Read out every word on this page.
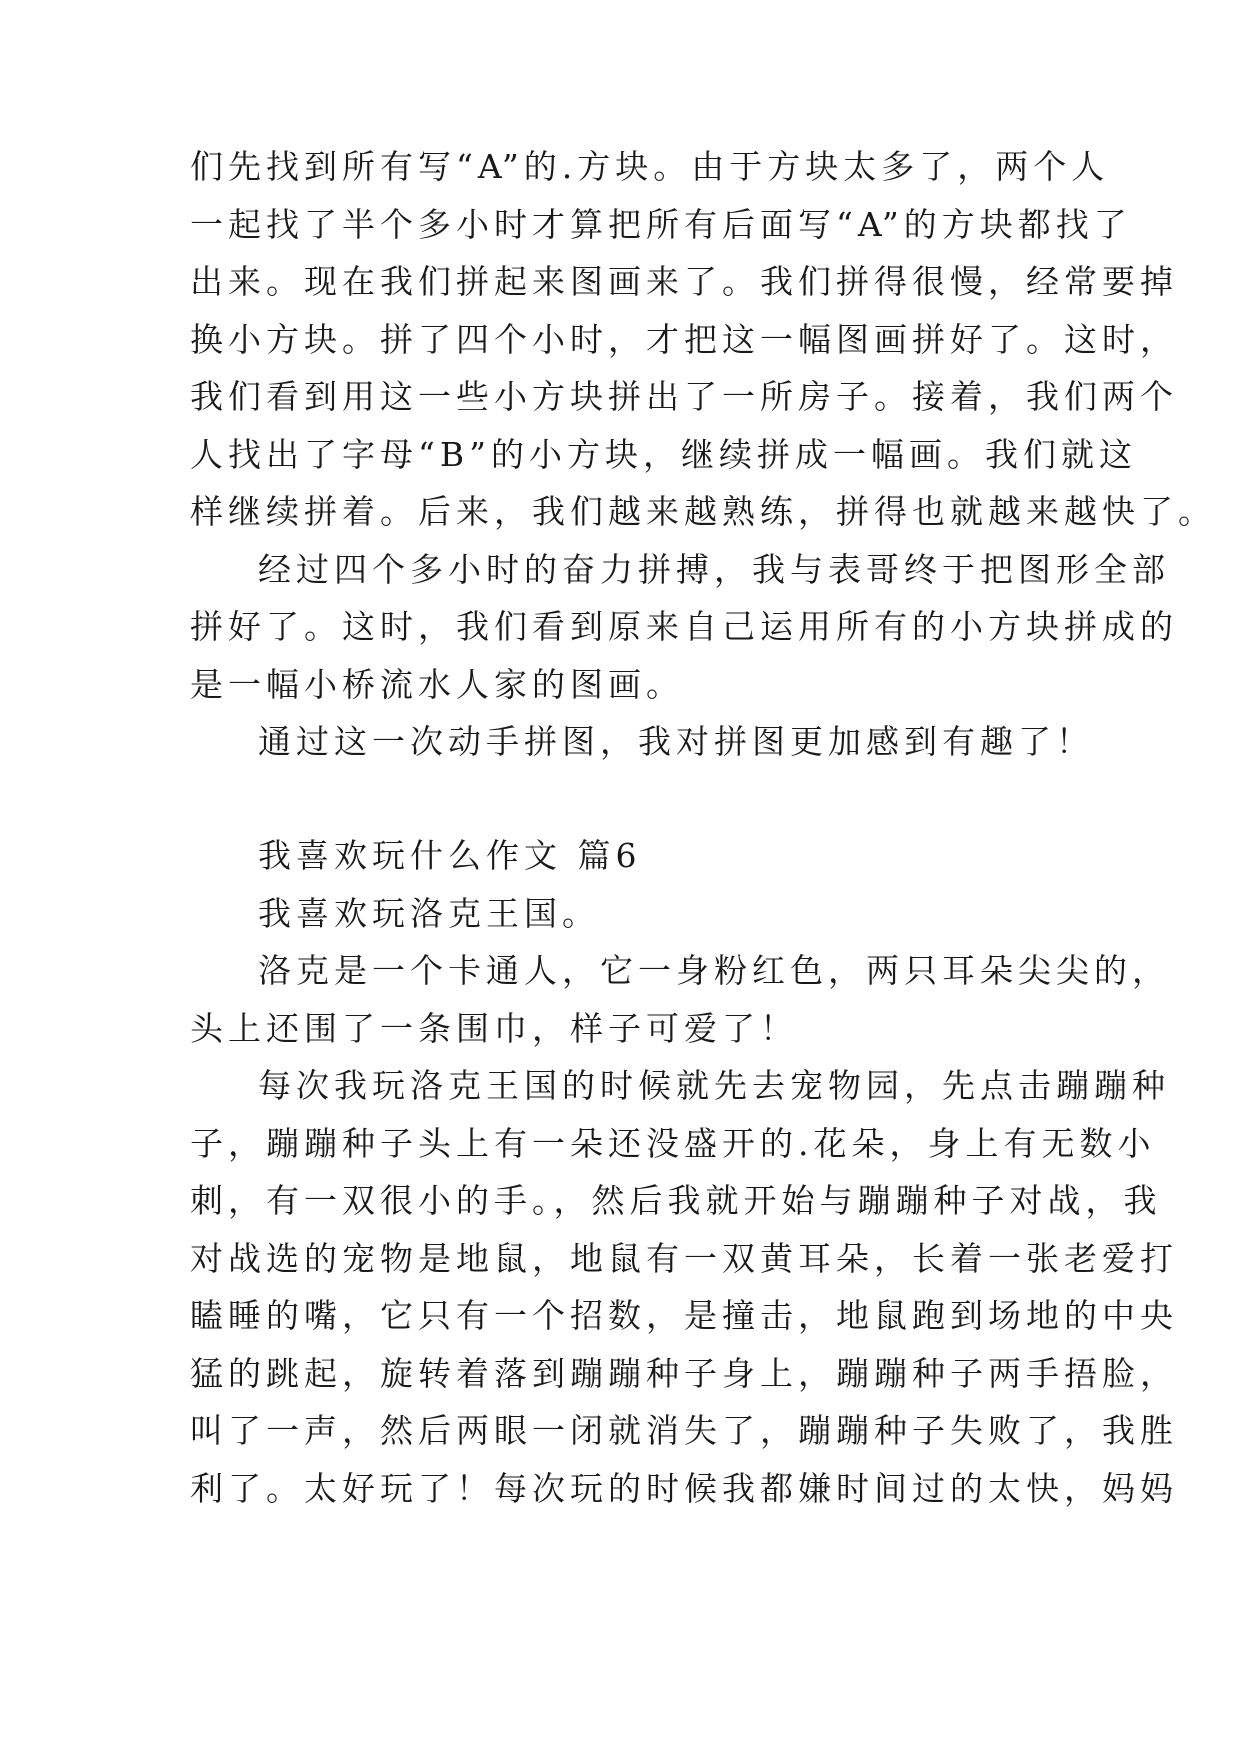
们先找到所有写“A”的.方块。由于方块太多了，两个人
一起找了半个多小时才算把所有后面写“A”的方块都找了
出来。现在我们拼起来图画来了。我们拼得很慢，经常要掉
换小方块。拼了四个小时，才把这一幅图画拼好了。这时，
我们看到用这一些小方块拼出了一所房子。接着，我们两个
人找出了字母“B”的小方块，继续拼成一幅画。我们就这
样继续拼着。后来，我们越来越熟练，拼得也就越来越快了。
经过四个多小时的奋力拼搏，我与表哥终于把图形全部
拼好了。这时，我们看到原来自己运用所有的小方块拼成的
是一幅小桥流水人家的图画。
通过这一次动手拼图，我对拼图更加感到有趣了！
我喜欢玩什么作文 篇6
我喜欢玩洛克王国。
洛克是一个卡通人，它一身粉红色，两只耳朵尖尖的，
头上还围了一条围巾，样子可爱了！
每次我玩洛克王国的时候就先去宠物园，先点击蹦蹦种
子，蹦蹦种子头上有一朵还没盛开的.花朵，身上有无数小
刺，有一双很小的手。，然后我就开始与蹦蹦种子对战，我
对战选的宠物是地鼠，地鼠有一双黄耳朵，长着一张老爱打
瞌睡的嘴，它只有一个招数，是撞击，地鼠跑到场地的中央
猛的跳起，旋转着落到蹦蹦种子身上，蹦蹦种子两手捂脸，
叫了一声，然后两眼一闭就消失了，蹦蹦种子失败了，我胜
利了。太好玩了！每次玩的时候我都嫌时间过的太快，妈妈
